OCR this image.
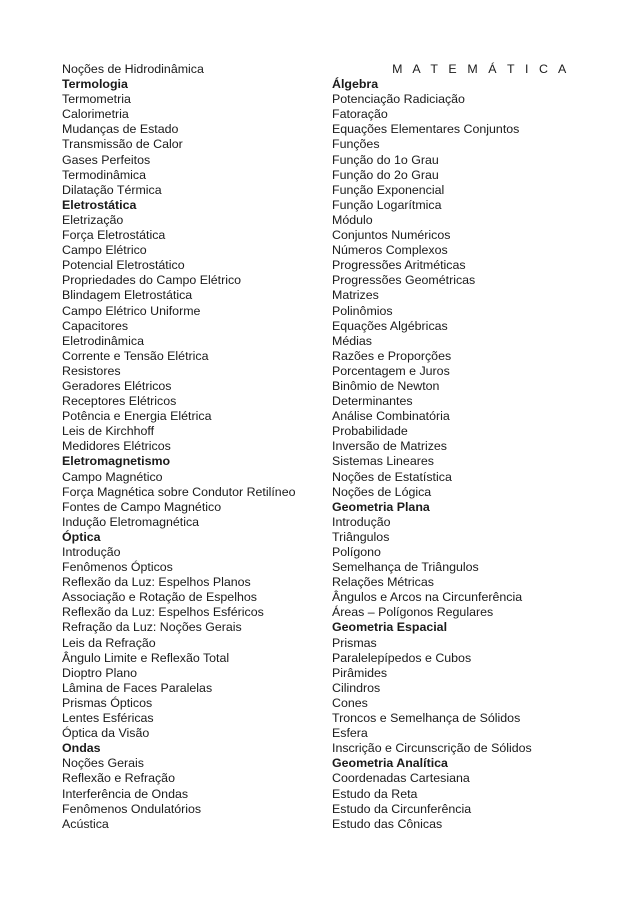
Noções de Hidrodinâmica
Termologia
Termometria
Calorimetria
Mudanças de Estado
Transmissão de Calor
Gases Perfeitos
Termodinâmica
Dilatação Térmica
Eletrostática
Eletrização
Força Eletrostática
Campo Elétrico
Potencial Eletrostático
Propriedades do Campo Elétrico
Blindagem Eletrostática
Campo Elétrico Uniforme
Capacitores
Eletrodinâmica
Corrente e Tensão Elétrica
Resistores
Geradores Elétricos
Receptores Elétricos
Potência e Energia Elétrica
Leis de Kirchhoff
Medidores Elétricos
Eletromagnetismo
Campo Magnético
Força Magnética sobre Condutor Retilíneo
Fontes de Campo Magnético
Indução Eletromagnética
Óptica
Introdução
Fenômenos Ópticos
Reflexão da Luz: Espelhos Planos
Associação e Rotação de Espelhos
Reflexão da Luz: Espelhos Esféricos
Refração da Luz: Noções Gerais
Leis da Refração
Ângulo Limite e Reflexão Total
Dioptro Plano
Lâmina de Faces Paralelas
Prismas Ópticos
Lentes Esféricas
Óptica da Visão
Ondas
Noções Gerais
Reflexão e Refração
Interferência de Ondas
Fenômenos Ondulatórios
Acústica
M A T E M Á T I C A
Álgebra
Potenciação Radiciação
Fatoração
Equações Elementares Conjuntos
Funções
Função do 1o Grau
Função do 2o Grau
Função Exponencial
Função Logarítmica
Módulo
Conjuntos Numéricos
Números Complexos
Progressões Aritméticas
Progressões Geométricas
Matrizes
Polinômios
Equações Algébricas
Médias
Razões e Proporções
Porcentagem e Juros
Binômio de Newton
Determinantes
Análise Combinatória
Probabilidade
Inversão de Matrizes
Sistemas Lineares
Noções de Estatística
Noções de Lógica
Geometria Plana
Introdução
Triângulos
Polígono
Semelhança de Triângulos
Relações Métricas
Ângulos e Arcos na Circunferência
Áreas – Polígonos Regulares
Geometria Espacial
Prismas
Paralelepípedos e Cubos
Pirâmides
Cilindros
Cones
Troncos e Semelhança de Sólidos
Esfera
Inscrição e Circunscrição de Sólidos
Geometria Analítica
Coordenadas Cartesiana
Estudo da Reta
Estudo da Circunferência
Estudo das Cônicas
